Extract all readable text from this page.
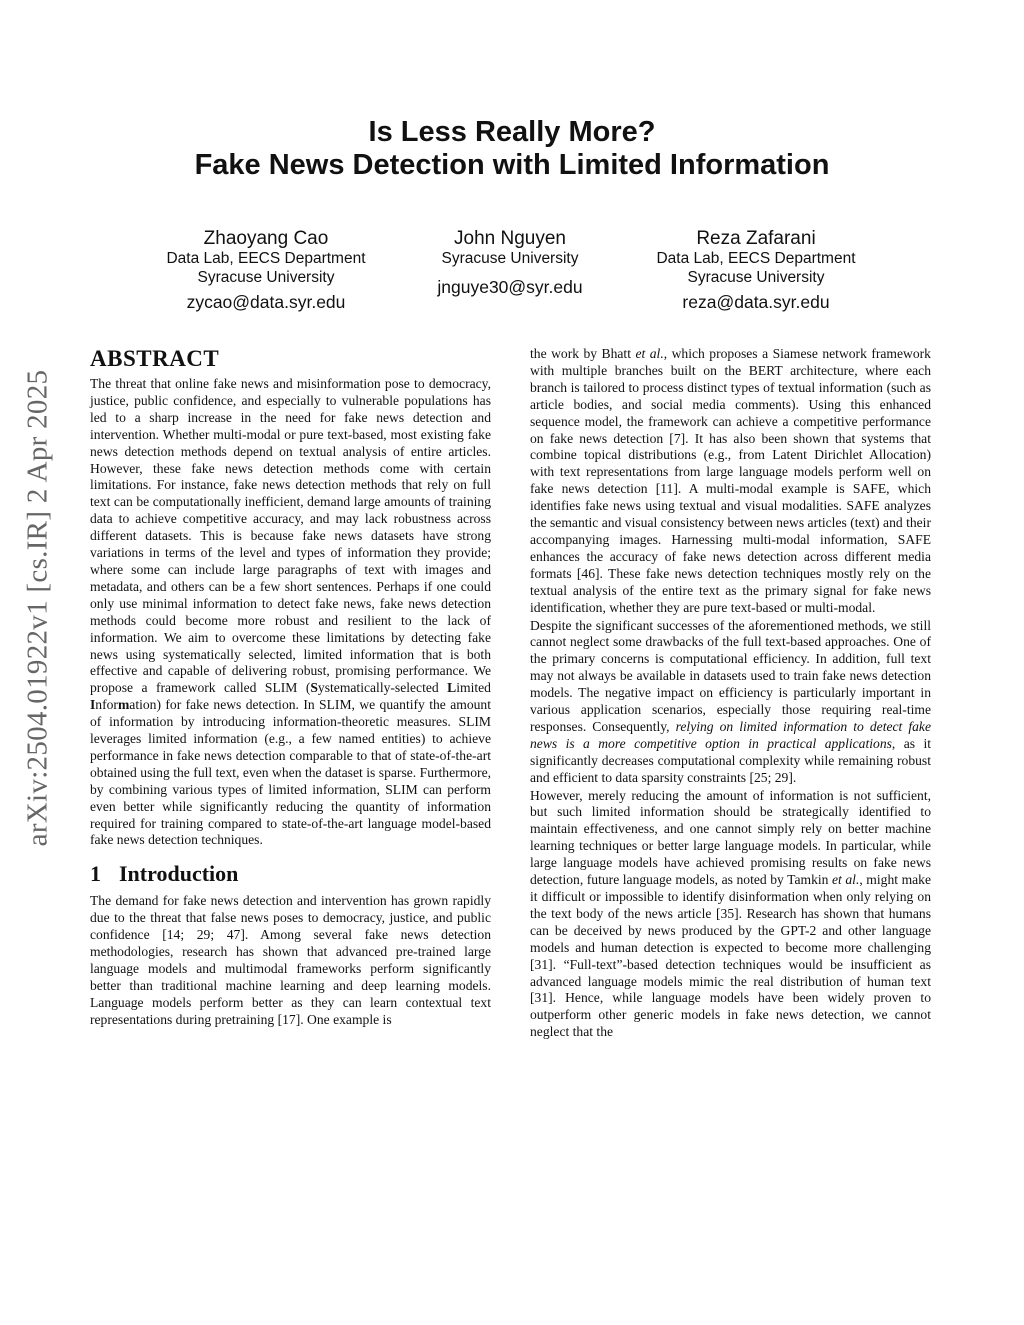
Is Less Really More?
Fake News Detection with Limited Information
Zhaoyang Cao
Data Lab, EECS Department
Syracuse University
zycao@data.syr.edu
John Nguyen
Syracuse University
jnguye30@syr.edu
Reza Zafarani
Data Lab, EECS Department
Syracuse University
reza@data.syr.edu
arXiv:2504.01922v1 [cs.IR] 2 Apr 2025
ABSTRACT

The threat that online fake news and misinformation pose to democracy, justice, public confidence, and especially to vulnerable populations has led to a sharp increase in the need for fake news detection and intervention. Whether multi-modal or pure text-based, most existing fake news detection methods depend on textual analysis of entire articles. However, these fake news detection methods come with certain limitations. For instance, fake news detection methods that rely on full text can be computationally inefficient, demand large amounts of training data to achieve competitive accuracy, and may lack robustness across different datasets. This is because fake news datasets have strong variations in terms of the level and types of information they provide; where some can include large paragraphs of text with images and metadata, and others can be a few short sentences. Perhaps if one could only use minimal information to detect fake news, fake news detection methods could become more robust and resilient to the lack of information. We aim to overcome these limitations by detecting fake news using systematically selected, limited information that is both effective and capable of delivering robust, promising performance. We propose a framework called SLIM (Systematically-selected Limited Information) for fake news detection. In SLIM, we quantify the amount of information by introducing information-theoretic measures. SLIM leverages limited information (e.g., a few named entities) to achieve performance in fake news detection comparable to that of state-of-the-art obtained using the full text, even when the dataset is sparse. Furthermore, by combining various types of limited information, SLIM can perform even better while significantly reducing the quantity of information required for training compared to state-of-the-art language model-based fake news detection techniques.

1 Introduction

The demand for fake news detection and intervention has grown rapidly due to the threat that false news poses to democracy, justice, and public confidence [14; 29; 47]. Among several fake news detection methodologies, research has shown that advanced pre-trained large language models and multimodal frameworks perform significantly better than traditional machine learning and deep learning models. Language models perform better as they can learn contextual text representations during pretraining [17]. One example is

the work by Bhatt et al., which proposes a Siamese network framework with multiple branches built on the BERT architecture, where each branch is tailored to process distinct types of textual information (such as article bodies, and social media comments). Using this enhanced sequence model, the framework can achieve a competitive performance on fake news detection [7]. It has also been shown that systems that combine topical distributions (e.g., from Latent Dirichlet Allocation) with text representations from large language models perform well on fake news detection [11]. A multi-modal example is SAFE, which identifies fake news using textual and visual modalities. SAFE analyzes the semantic and visual consistency between news articles (text) and their accompanying images. Harnessing multi-modal information, SAFE enhances the accuracy of fake news detection across different media formats [46]. These fake news detection techniques mostly rely on the textual analysis of the entire text as the primary signal for fake news identification, whether they are pure text-based or multi-modal.

Despite the significant successes of the aforementioned methods, we still cannot neglect some drawbacks of the full text-based approaches. One of the primary concerns is computational efficiency. In addition, full text may not always be available in datasets used to train fake news detection models. The negative impact on efficiency is particularly important in various application scenarios, especially those requiring real-time responses. Consequently, relying on limited information to detect fake news is a more competitive option in practical applications, as it significantly decreases computational complexity while remaining robust and efficient to data sparsity constraints [25; 29].

However, merely reducing the amount of information is not sufficient, but such limited information should be strategically identified to maintain effectiveness, and one cannot simply rely on better machine learning techniques or better large language models. In particular, while large language models have achieved promising results on fake news detection, future language models, as noted by Tamkin et al., might make it difficult or impossible to identify disinformation when only relying on the text body of the news article [35]. Research has shown that humans can be deceived by news produced by the GPT-2 and other language models and human detection is expected to become more challenging [31]. “Full-text”-based detection techniques would be insufficient as advanced language models mimic the real distribution of human text [31]. Hence, while language models have been widely proven to outperform other generic models in fake news detection, we cannot neglect that the
